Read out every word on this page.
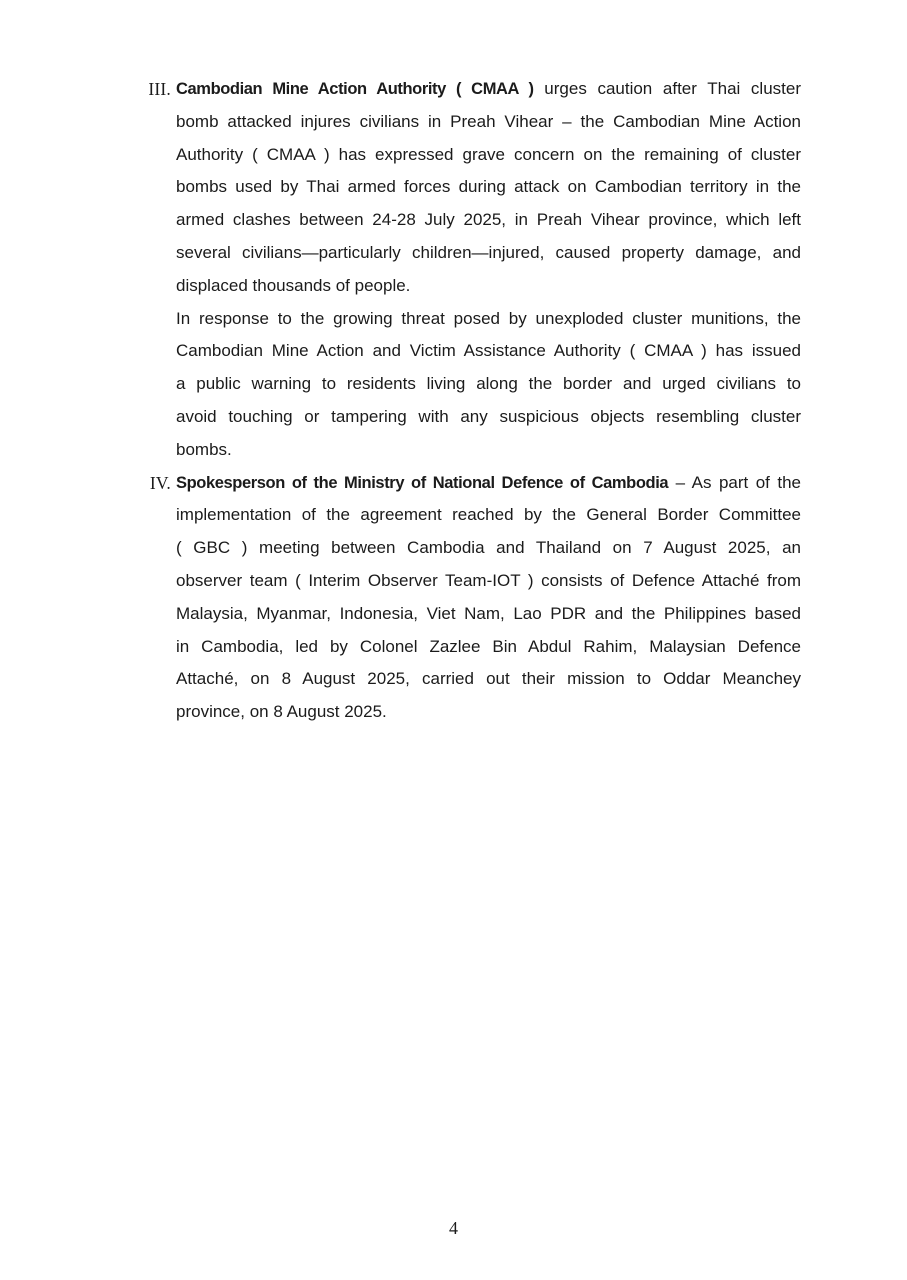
III. Cambodian Mine Action Authority ( CMAA ) urges caution after Thai cluster
bomb attacked injures civilians in Preah Vihear – the Cambodian Mine Action
Authority ( CMAA ) has expressed grave concern on the remaining of cluster
bombs used by Thai armed forces during attack on Cambodian territory in the
armed clashes between 24-28 July 2025, in Preah Vihear province, which left
several civilians—particularly children—injured, caused property damage, and
displaced thousands of people.
In response to the growing threat posed by unexploded cluster munitions, the
Cambodian Mine Action and Victim Assistance Authority ( CMAA ) has issued
a public warning to residents living along the border and urged civilians to
avoid touching or tampering with any suspicious objects resembling cluster
bombs.
IV. Spokesperson of the Ministry of National Defence of Cambodia – As part of the
implementation of the agreement reached by the General Border Committee
( GBC ) meeting between Cambodia and Thailand on 7 August 2025, an
observer team ( Interim Observer Team-IOT ) consists of Defence Attaché from
Malaysia, Myanmar, Indonesia, Viet Nam, Lao PDR and the Philippines based
in Cambodia, led by Colonel Zazlee Bin Abdul Rahim, Malaysian Defence
Attaché, on 8 August 2025, carried out their mission to Oddar Meanchey
province, on 8 August 2025.
4
